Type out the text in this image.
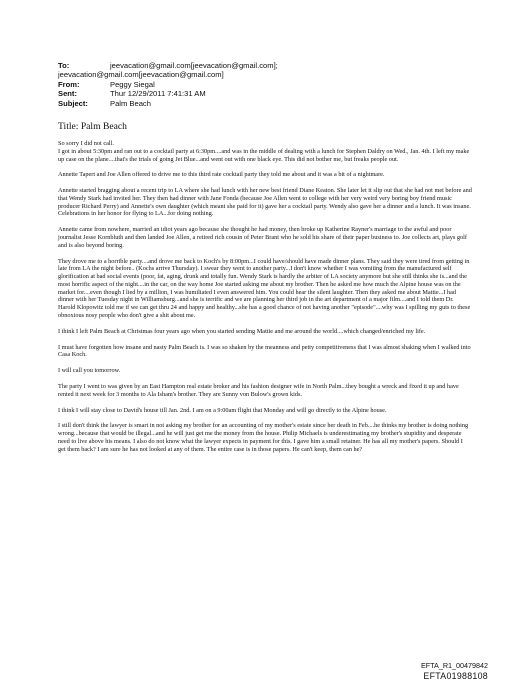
To:	jeevacation@gmail.com[jeevacation@gmail.com];
jeevacation@gmail.com[jeevacation@gmail.com]
From:	Peggy Siegal
Sent:	Thur 12/29/2011 7:41:31 AM
Subject:	Palm Beach
Title: Palm Beach

So sorry I did not call.

I got in about 5:30pm and ran out to a cocktail party at 6:30pm....and was in the middle of dealing with a lunch for Stephen Daldry on Wed., Jan. 4th. I left my make up case on the plane....that's the trials of going Jet Blue...and went out with one black eye. This did not bother me, but freaks people out.

Annette Tapert and Joe Allen offered to drive me to this third rate cocktail party they told me about and it was a bit of a nightmare.

Annette started bragging about a recent trip to LA where she had lunch with her new best friend Diane Keaton. She later let it slip out that she had not met before and that Wendy Stark had invited her. They then had dinner with Jane Fonda (because Joe Allen went to college with her very weird very boring boy friend music producer Richard Perry) and Annette's own daughter (which meant she paid for it) gave her a cocktail party. Wendy also gave her a dinner and a lunch. It was insane. Celebrations in her honor for flying to LA...for doing nothing.

Annette came from nowhere, married an idiot years ago because she thought he had money, then broke up Katherine Rayner's marriage to the awful and poor journalist Jesse Kornbluth and then landed Joe Allen, a retired rich cousin of Peter Brant who he sold his share of their paper business to. Joe collects art, plays golf and is also beyond boring.

They drove me to a horrible party....and drove me back to Koch's by 8:00pm...I could have/should have made dinner plans. They said they were tired from getting in late from LA the night before.. (Kochs arrive Thursday). I swear they went to another party...I don't know whether I was vomiting from the manufactured self glorification at bad social events (poor, fat, aging, drunk and totally fun. Wendy Stark is hardly the arbiter of LA society anymore but she still thinks she is...and the most horrific aspect of the night....in the car, on the way home Joe started asking me about my brother. Then he asked me how much the Alpine house was on the market for....even though I lied by a million, I was humiliated I even answered him. You could hear the silent laughter. Then they asked me about Mattie...I had dinner with her Tuesday night in Williamsburg...and she is terrific and we are planning her third job in the art department of a major film....and I told them Dr. Harold Klopowitz told me if we can get thru 24 and happy and healthy...she has a good chance of not having another "episode"....why was I spilling my guts to these obnoxious nosy people who don't give a shit about me.

I think I left Palm Beach at Christmas four years ago when you started sending Mattie and me around the world....which changed/enriched my life.

I must have forgotten how insane and nasty Palm Beach is. I was so shaken by the meanness and petty competitiveness that I was almost shaking when I walked into Casa Koch.

I will call you tomorrow.

The party I went to was given by an East Hampton real estate broker and his fashion designer wife in North Palm...they bought a wreck and fixed it up and have rented it next week for 3 months to Ala Isham's brother. They are Sunny von Bulow's grown kids.

I think I will stay close to David's house till Jan. 2nd. I am on a 9:00am flight that Monday and will go directly to the Alpine house.

I still don't think the lawyer is smart in not asking my brother for an accounting of my mother's estate since her death in Feb....he thinks my brother is doing nothing wrong...because that would be illegal...and he will just get me the money from the house. Philip Michaels is underestimating my brother's stupidity and desperate need to live above his means. I also do not know what the lawyer expects in payment for this. I gave him a small retainer. He has all my mother's papers. Should I get them back? I am sure he has not looked at any of them. The entire case is in those papers. He can't keep, them can he?

EFTA_R1_00479842
EFTA01988108
